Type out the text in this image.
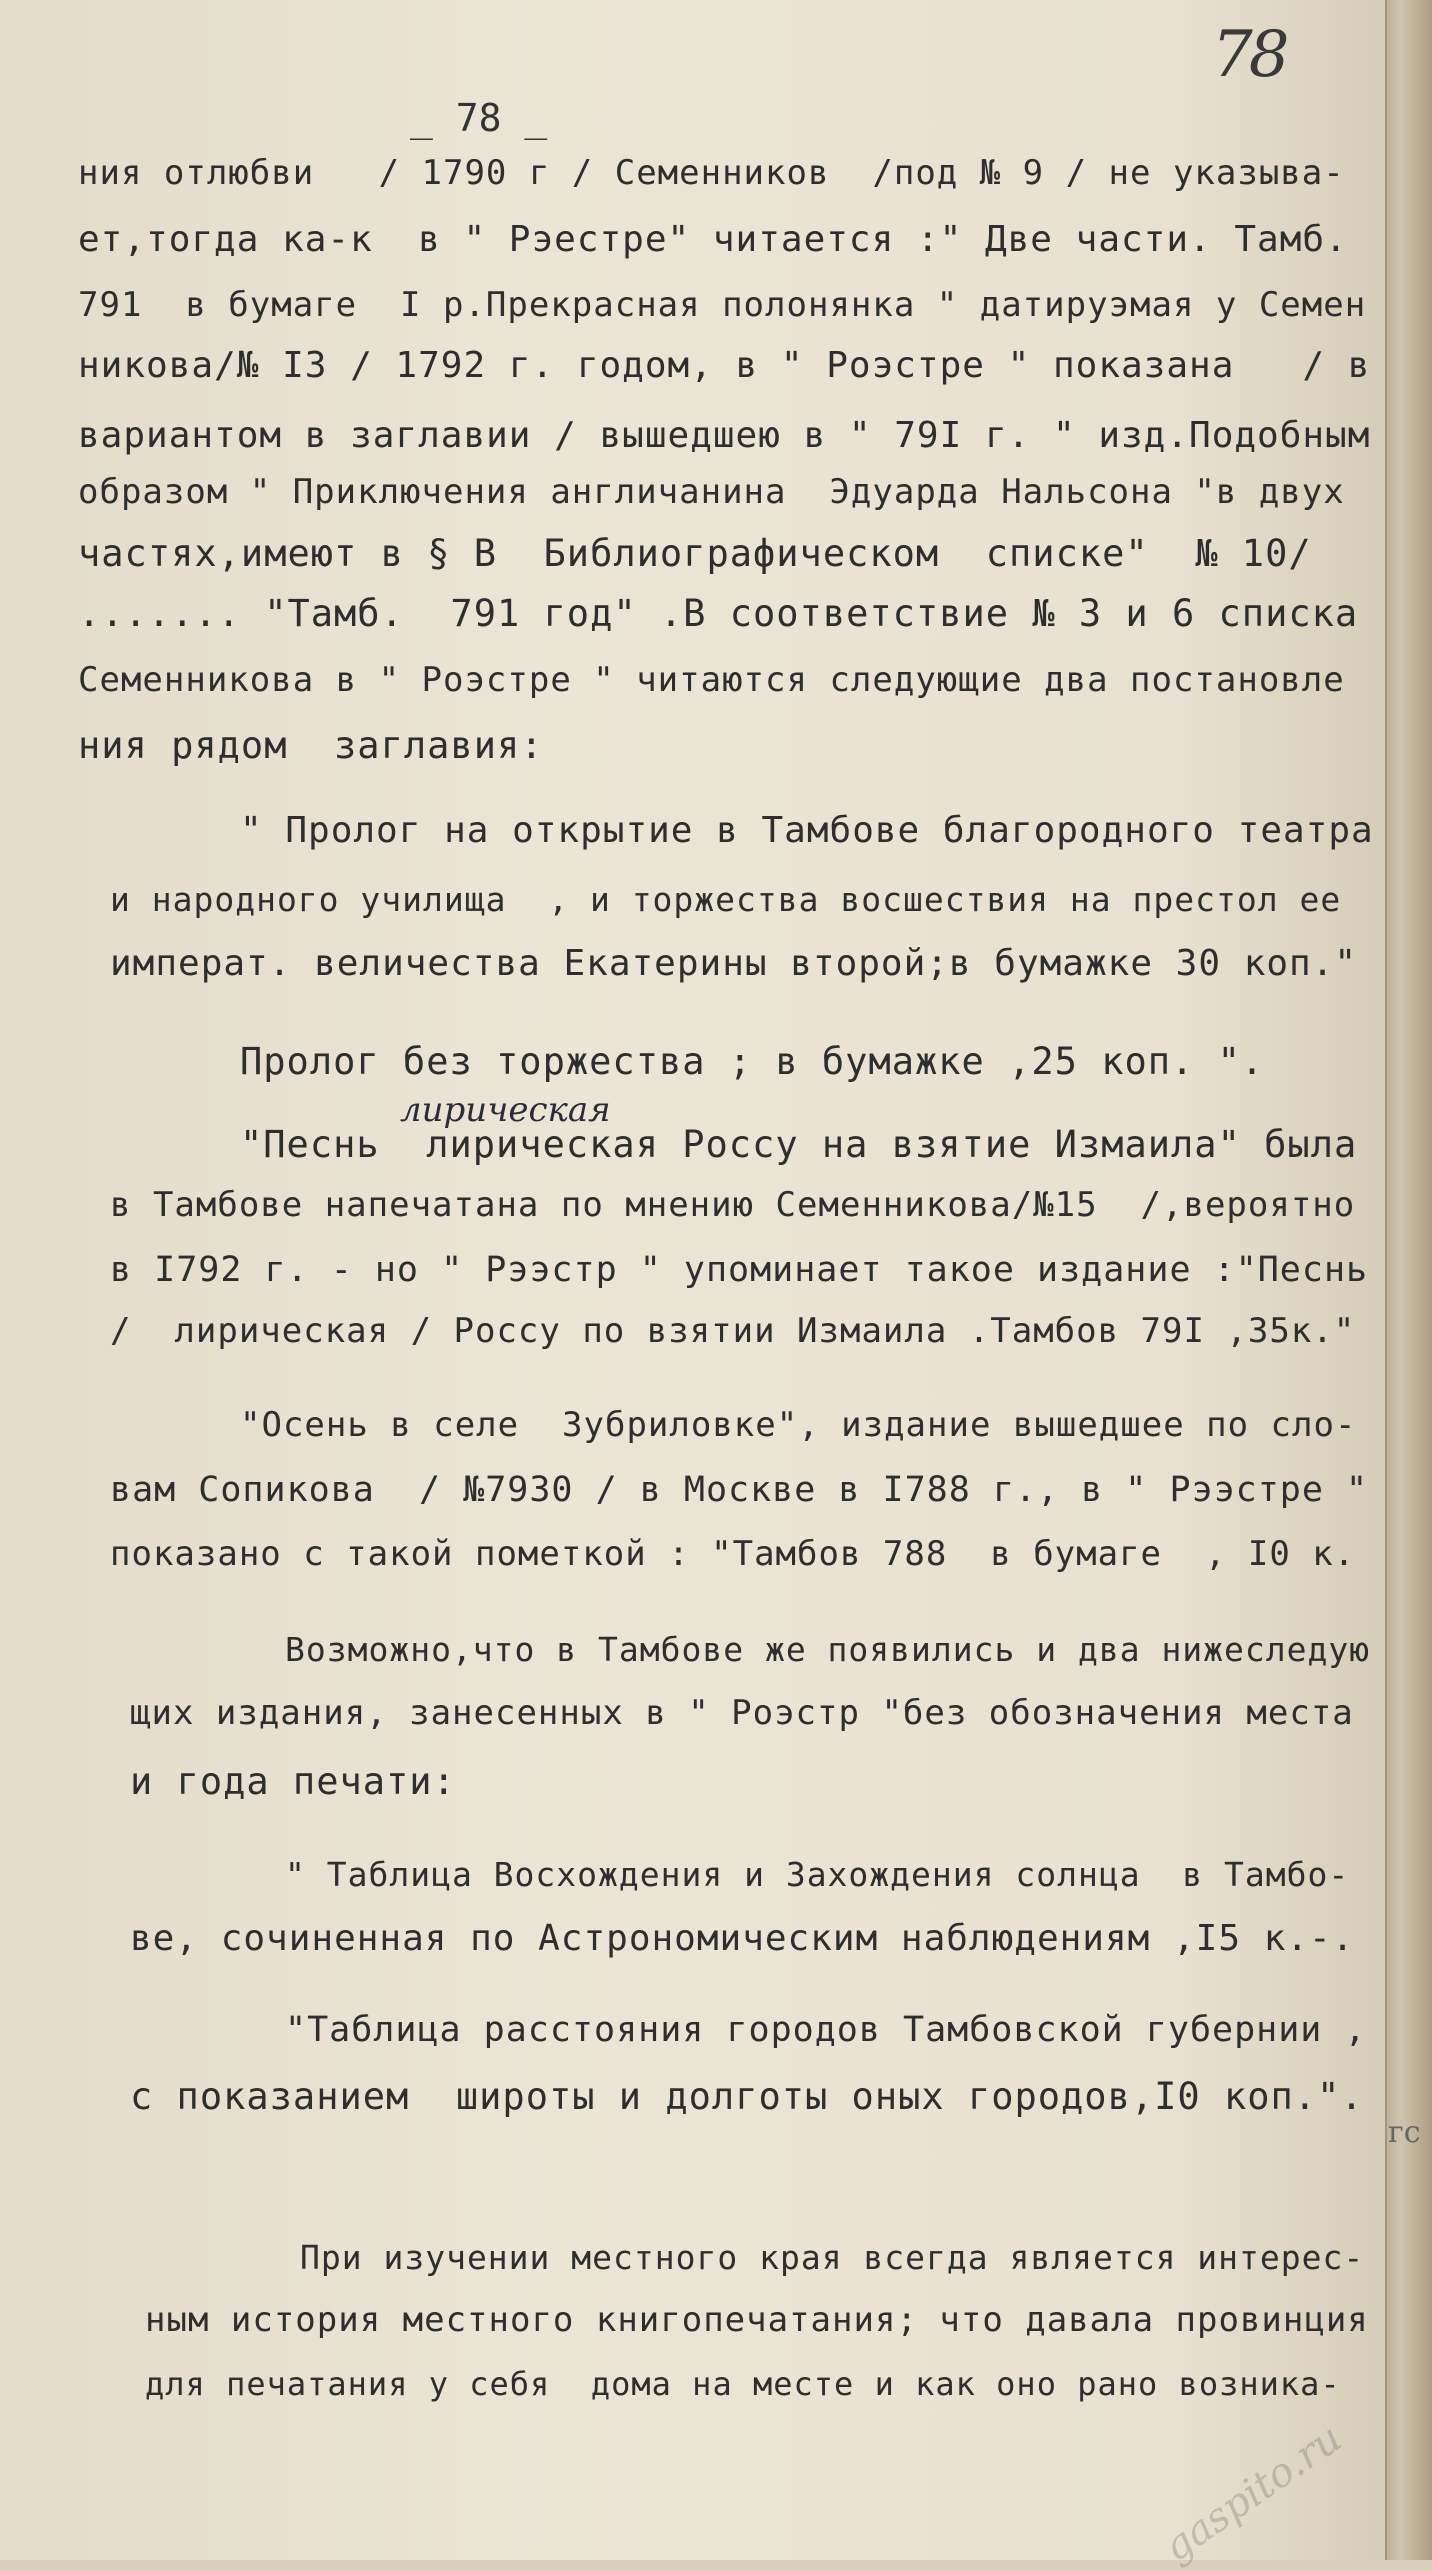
78
_ 78 _
ния отлюбви   / 1790 г / Семенников  /под № 9 / не указыва-
ет,тогда ка-к  в " Рэестре" читается :" Две части. Тамб.
791  в бумаге  I р.Прекрасная полонянка " датируэмая у Семен
никова/№ I3 / 1792 г. годом, в " Роэстре " показана   / в
вариантом в заглавии / вышедшею в " 79I г. " изд.Подобным
образом " Приключения англичанина  Эдуарда Нальсона "в двух
частях,имеют в § В  Библиографическом  списке"  № 10/
....... "Тамб.  791 год" .В соответствие № 3 и 6 списка
Семенникова в " Роэстре " читаются следующие два постановле
ния рядом  заглавия:
" Пролог на открытие в Тамбове благородного театра
и народного училища  , и торжества восшествия на престол ее
императ. величества Екатерины второй;в бумажке 30 коп."
Пролог без торжества ; в бумажке ,25 коп. ".
лирическая
"Песнь  лирическая Россу на взятие Измаила" была
в Тамбове напечатана по мнению Семенникова/№15  /,вероятно
в I792 г. - но " Рээстр " упоминает такое издание :"Песнь
/  лирическая / Россу по взятии Измаила .Тамбов 79I ,35к."
"Осень в селе  Зубриловке", издание вышедшее по сло-
вам Сопикова  / №7930 / в Москве в I788 г., в " Рээстре "
показано с такой пометкой : "Тамбов 788  в бумаге  , I0 к.
Возможно,что в Тамбове же появились и два нижеследую
щих издания, занесенных в " Роэстр "без обозначения места
и года печати:
" Таблица Восхождения и Захождения солнца  в Тамбо-
ве, сочиненная по Астрономическим наблюдениям ,I5 к.-.
"Таблица расстояния городов Тамбовской губернии ,
с показанием  широты и долготы оных городов,I0 коп.".
гс
При изучении местного края всегда является интерес-
ным история местного книгопечатания; что давала провинция
для печатания у себя  дома на месте и как оно рано возника-
gaspito.ru
